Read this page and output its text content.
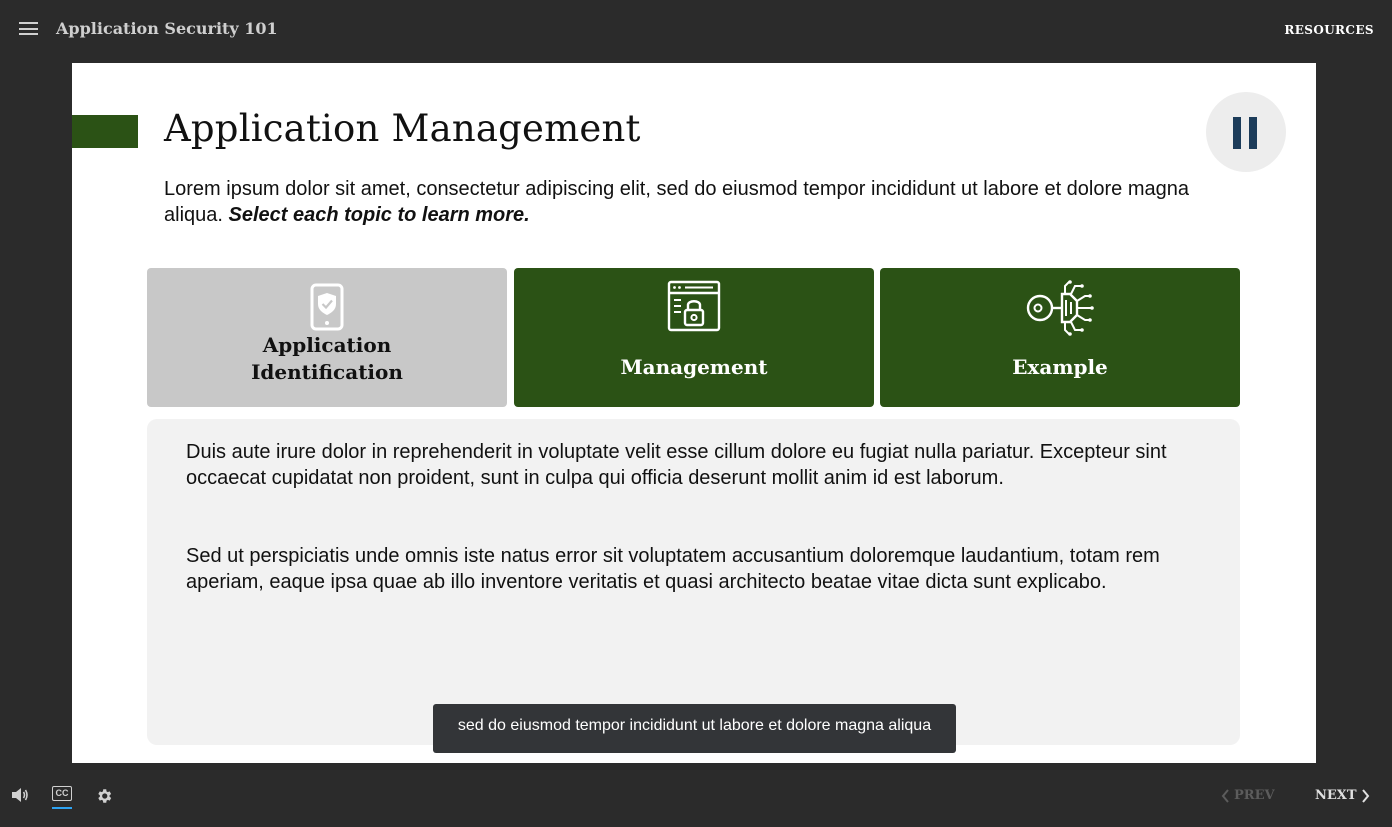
Application Security 101	RESOURCES
Application Management

Lorem ipsum dolor sit amet, consectetur adipiscing elit, sed do eiusmod tempor incididunt ut labore et dolore magna aliqua. Select each topic to learn more.

Application
Identification	Management	Example

Duis aute irure dolor in reprehenderit in voluptate velit esse cillum dolore eu fugiat nulla pariatur. Excepteur sint occaecat cupidatat non proident, sunt in culpa qui officia deserunt mollit anim id est laborum.

Sed ut perspiciatis unde omnis iste natus error sit voluptatem accusantium doloremque laudantium, totam rem aperiam, eaque ipsa quae ab illo inventore veritatis et quasi architecto beatae vitae dicta sunt explicabo.

sed do eiusmod tempor incididunt ut labore et dolore magna aliqua
CC	PREV	NEXT
